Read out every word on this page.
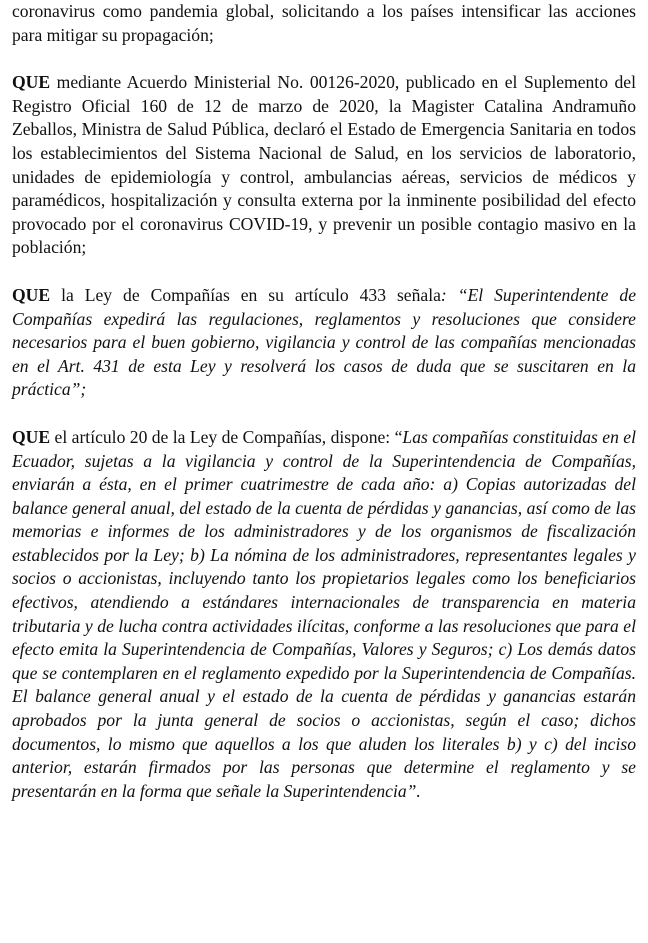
coronavirus como pandemia global, solicitando a los países intensificar las acciones para mitigar su propagación;

QUE mediante Acuerdo Ministerial No. 00126-2020, publicado en el Suplemento del Registro Oficial 160 de 12 de marzo de 2020, la Magister Catalina Andramuño Zeballos, Ministra de Salud Pública, declaró el Estado de Emergencia Sanitaria en todos los establecimientos del Sistema Nacional de Salud, en los servicios de laboratorio, unidades de epidemiología y control, ambulancias aéreas, servicios de médicos y paramédicos, hospitalización y consulta externa por la inminente posibilidad del efecto provocado por el coronavirus COVID-19, y prevenir un posible contagio masivo en la población;

QUE la Ley de Compañías en su artículo 433 señala: “El Superintendente de Compañías expedirá las regulaciones, reglamentos y resoluciones que considere necesarios para el buen gobierno, vigilancia y control de las compañías mencionadas en el Art. 431 de esta Ley y resolverá los casos de duda que se suscitaren en la práctica”;

QUE el artículo 20 de la Ley de Compañías, dispone: “Las compañías constituidas en el Ecuador, sujetas a la vigilancia y control de la Superintendencia de Compañías, enviarán a ésta, en el primer cuatrimestre de cada año: a) Copias autorizadas del balance general anual, del estado de la cuenta de pérdidas y ganancias, así como de las memorias e informes de los administradores y de los organismos de fiscalización establecidos por la Ley; b) La nómina de los administradores, representantes legales y socios o accionistas, incluyendo tanto los propietarios legales como los beneficiarios efectivos, atendiendo a estándares internacionales de transparencia en materia tributaria y de lucha contra actividades ilícitas, conforme a las resoluciones que para el efecto emita la Superintendencia de Compañías, Valores y Seguros; c) Los demás datos que se contemplaren en el reglamento expedido por la Superintendencia de Compañías. El balance general anual y el estado de la cuenta de pérdidas y ganancias estarán aprobados por la junta general de socios o accionistas, según el caso; dichos documentos, lo mismo que aquellos a los que aluden los literales b) y c) del inciso anterior, estarán firmados por las personas que determine el reglamento y se presentarán en la forma que señale la Superintendencia”.
